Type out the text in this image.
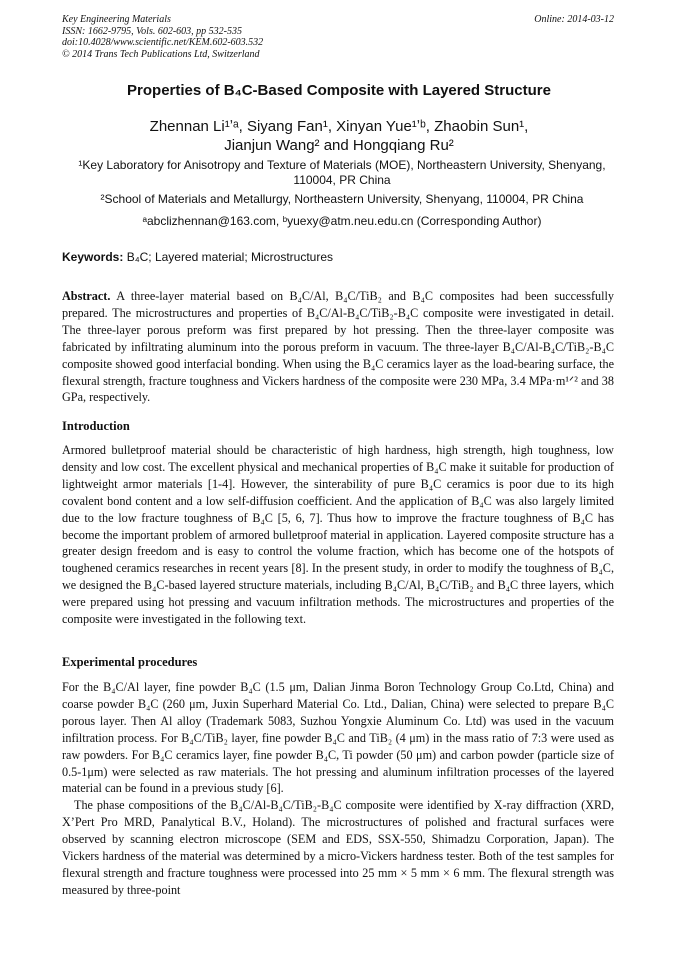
Key Engineering Materials
ISSN: 1662-9795, Vols. 602-603, pp 532-535
doi:10.4028/www.scientific.net/KEM.602-603.532
© 2014 Trans Tech Publications Ltd, Switzerland
Online: 2014-03-12
Properties of B₄C-Based Composite with Layered Structure
Zhennan Li¹ʼᵃ, Siyang Fan¹, Xinyan Yue¹ʼᵇ, Zhaobin Sun¹,
Jianjun Wang² and Hongqiang Ru²
¹Key Laboratory for Anisotropy and Texture of Materials (MOE), Northeastern University, Shenyang, 110004, PR China
²School of Materials and Metallurgy, Northeastern University, Shenyang, 110004, PR China
ᵃabclizhennan@163.com, ᵇyuexy@atm.neu.edu.cn (Corresponding Author)
Keywords: B₄C; Layered material; Microstructures

Abstract. A three-layer material based on B₄C/Al, B₄C/TiB₂ and B₄C composites had been successfully prepared. The microstructures and properties of B₄C/Al-B₄C/TiB₂-B₄C composite were investigated in detail. The three-layer porous preform was first prepared by hot pressing. Then the three-layer composite was fabricated by infiltrating aluminum into the porous preform in vacuum. The three-layer B₄C/Al-B₄C/TiB₂-B₄C composite showed good interfacial bonding. When using the B₄C ceramics layer as the load-bearing surface, the flexural strength, fracture toughness and Vickers hardness of the composite were 230 MPa, 3.4 MPa·m¹ᐟ² and 38 GPa, respectively.

Introduction

Armored bulletproof material should be characteristic of high hardness, high strength, high toughness, low density and low cost. The excellent physical and mechanical properties of B₄C make it suitable for production of lightweight armor materials [1-4]. However, the sinterability of pure B₄C ceramics is poor due to its high covalent bond content and a low self-diffusion coefficient. And the application of B₄C was also largely limited due to the low fracture toughness of B₄C [5, 6, 7]. Thus how to improve the fracture toughness of B₄C has become the important problem of armored bulletproof material in application. Layered composite structure has a greater design freedom and is easy to control the volume fraction, which has become one of the hotspots of toughened ceramics researches in recent years [8]. In the present study, in order to modify the toughness of B₄C, we designed the B₄C-based layered structure materials, including B₄C/Al, B₄C/TiB₂ and B₄C three layers, which were prepared using hot pressing and vacuum infiltration methods. The microstructures and properties of the composite were investigated in the following text.

Experimental procedures

For the B₄C/Al layer, fine powder B₄C (1.5 μm, Dalian Jinma Boron Technology Group Co.Ltd, China) and coarse powder B₄C (260 μm, Juxin Superhard Material Co. Ltd., Dalian, China) were selected to prepare B₄C porous layer. Then Al alloy (Trademark 5083, Suzhou Yongxie Aluminum Co. Ltd) was used in the vacuum infiltration process. For B₄C/TiB₂ layer, fine powder B₄C and TiB₂ (4 μm) in the mass ratio of 7:3 were used as raw powders. For B₄C ceramics layer, fine powder B₄C, Ti powder (50 μm) and carbon powder (particle size of 0.5-1μm) were selected as raw materials. The hot pressing and aluminum infiltration processes of the layered material can be found in a previous study [6].

The phase compositions of the B₄C/Al-B₄C/TiB₂-B₄C composite were identified by X-ray diffraction (XRD, X’Pert Pro MRD, Panalytical B.V., Holand). The microstructures of polished and fractural surfaces were observed by scanning electron microscope (SEM and EDS, SSX-550, Shimadzu Corporation, Japan). The Vickers hardness of the material was determined by a micro-Vickers hardness tester. Both of the test samples for flexural strength and fracture toughness were processed into 25 mm × 5 mm × 6 mm. The flexural strength was measured by three-point
